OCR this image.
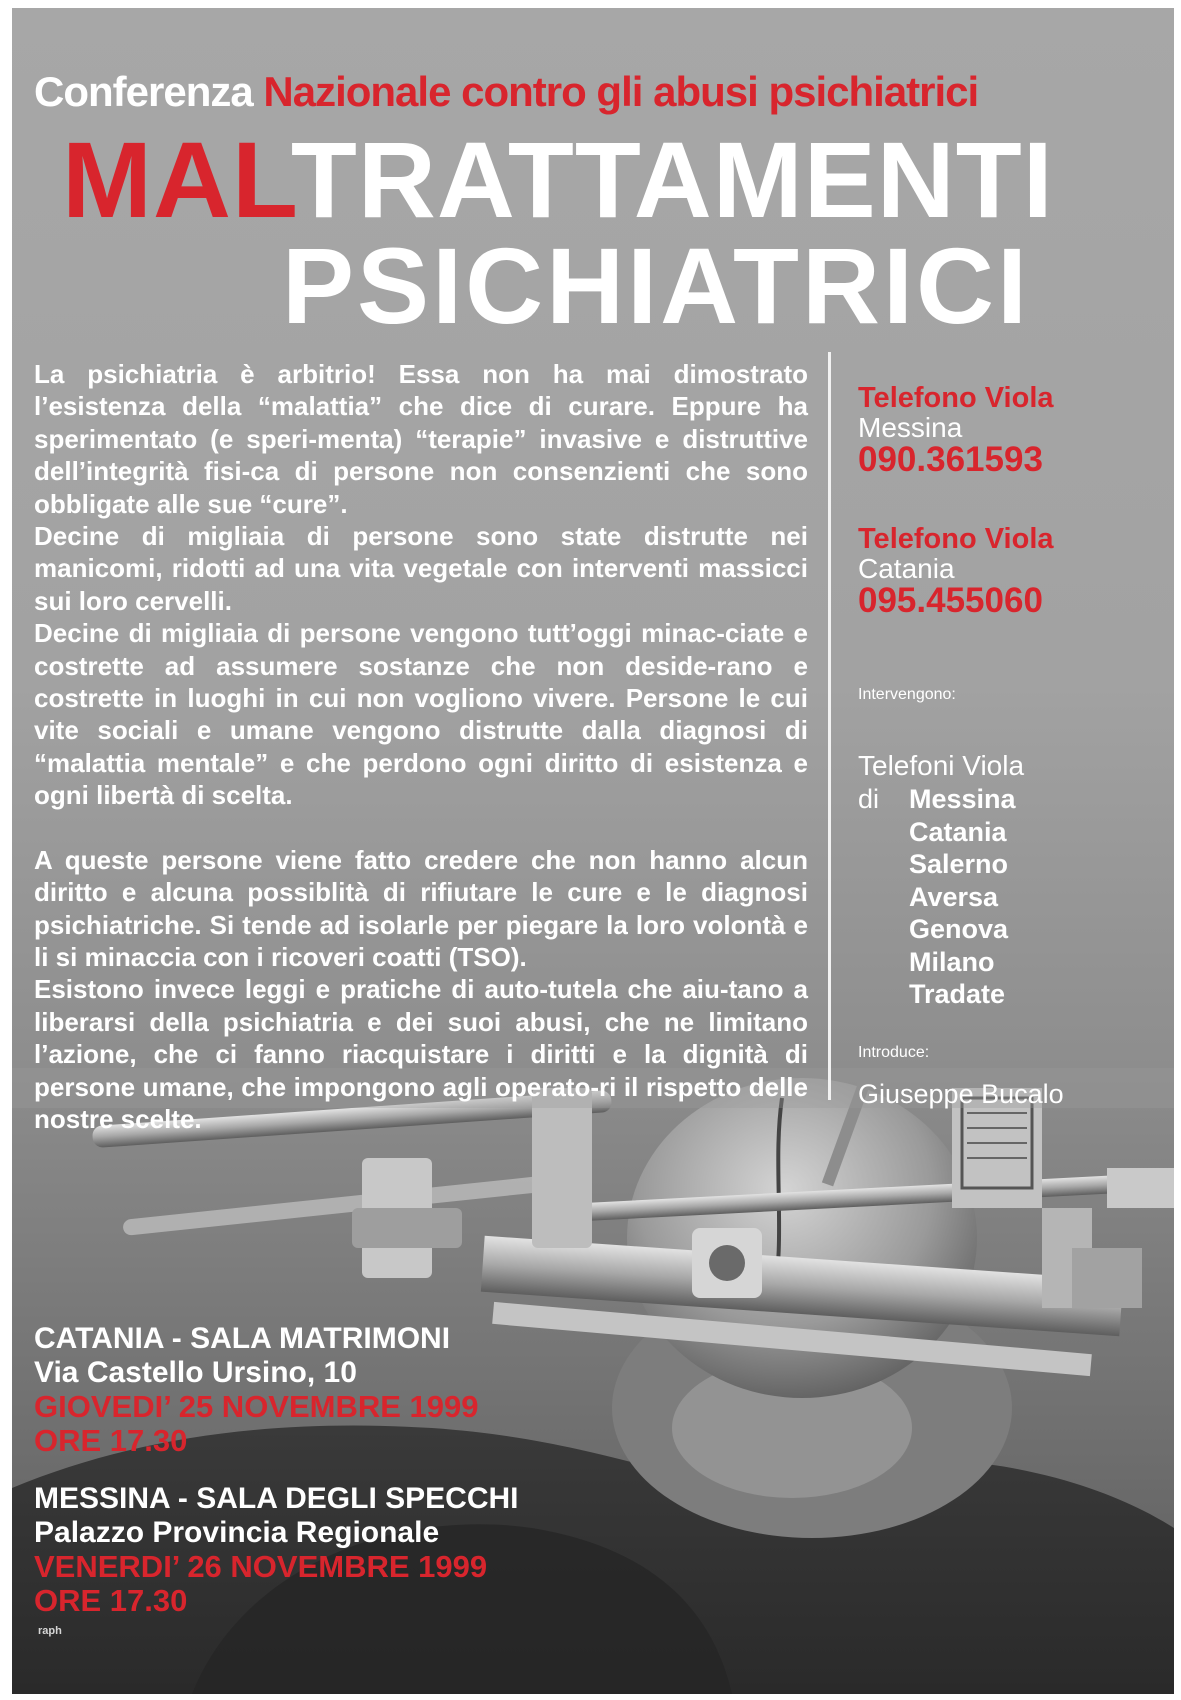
Conferenza Nazionale contro gli abusi psichiatrici
MALTRATTAMENTI
PSICHIATRICI

La psichiatria è arbitrio! Essa non ha mai dimostrato l’esistenza della “malattia” che dice di curare. Eppure ha sperimentato (e speri-menta) “terapie” invasive e distruttive dell’integrità fisi-ca di persone non consenzienti che sono obbligate alle sue “cure”.

Decine di migliaia di persone sono state distrutte nei manicomi, ridotti ad una vita vegetale con interventi massicci sui loro cervelli.

Decine di migliaia di persone vengono tutt’oggi minac-ciate e costrette ad assumere sostanze che non deside-rano e costrette in luoghi in cui non vogliono vivere. Persone le cui vite sociali e umane vengono distrutte dalla diagnosi di “malattia mentale” e che perdono ogni diritto di esistenza e ogni libertà di scelta.

A queste persone viene fatto credere che non hanno alcun diritto e alcuna possiblità di rifiutare le cure e le diagnosi psichiatriche. Si tende ad isolarle per piegare la loro volontà e li si minaccia con i ricoveri coatti (TSO).

Esistono invece leggi e pratiche di auto-tutela che aiu-tano a liberarsi della psichiatria e dei suoi abusi, che ne limitano l’azione, che ci fanno riacquistare i diritti e la dignità di persone umane, che impongono agli operato-ri il rispetto delle nostre scelte.

Telefono Viola
Messina
090.361593
Telefono Viola
Catania
095.455060
Intervengono:
Telefoni Viola
di Messina
Catania
Salerno
Aversa
Genova
Milano
Tradate
Introduce:
Giuseppe Bucalo
CATANIA - SALA MATRIMONI
Via Castello Ursino, 10
GIOVEDI’ 25 NOVEMBRE 1999
ORE 17.30
MESSINA - SALA DEGLI SPECCHI
Palazzo Provincia Regionale
VENERDI’ 26 NOVEMBRE 1999
ORE 17.30
raph
